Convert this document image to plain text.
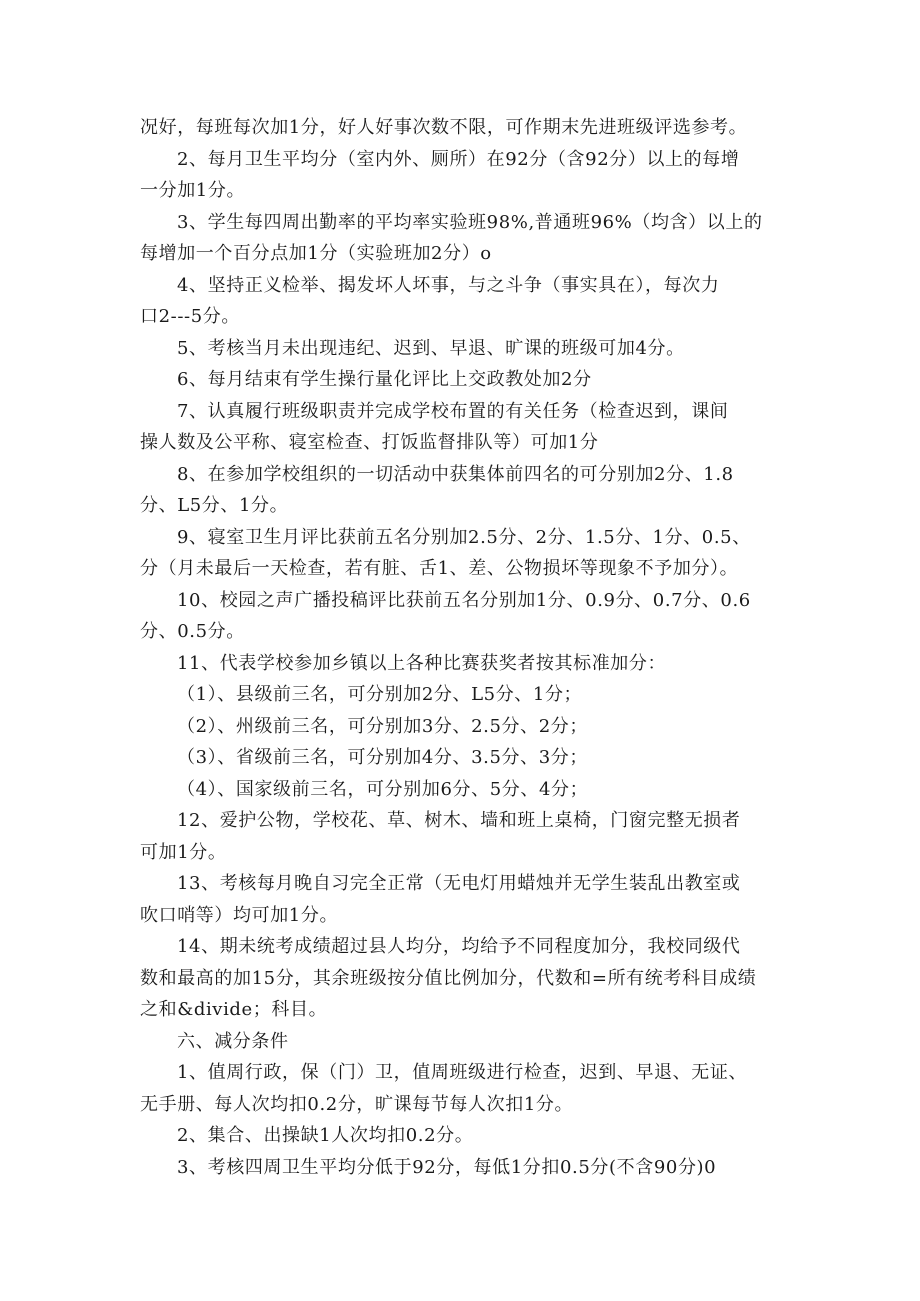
况好，每班每次加1分，好人好事次数不限，可作期末先进班级评选参考。
2、每月卫生平均分（室内外、厕所）在92分（含92分）以上的每增
一分加1分。
3、学生每四周出勤率的平均率实验班98%,普通班96%（均含）以上的
每增加一个百分点加1分（实验班加2分）o
4、坚持正义检举、揭发坏人坏事，与之斗争（事实具在），每次力
口2---5分。
5、考核当月未出现违纪、迟到、早退、旷课的班级可加4分。
6、每月结束有学生操行量化评比上交政教处加2分
7、认真履行班级职责并完成学校布置的有关任务（检查迟到，课间
操人数及公平称、寝室检查、打饭监督排队等）可加1分
8、在参加学校组织的一切活动中获集体前四名的可分别加2分、1.8
分、L5分、1分。
9、寝室卫生月评比获前五名分别加2.5分、2分、1.5分、1分、0.5、
分（月未最后一天检查，若有脏、舌1、差、公物损坏等现象不予加分）。
10、校园之声广播投稿评比获前五名分别加1分、0.9分、0.7分、0.6
分、0.5分。
11、代表学校参加乡镇以上各种比赛获奖者按其标准加分：
（1）、县级前三名，可分别加2分、L5分、1分；
（2）、州级前三名，可分别加3分、2.5分、2分；
（3）、省级前三名，可分别加4分、3.5分、3分；
（4）、国家级前三名，可分别加6分、5分、4分；
12、爱护公物，学校花、草、树木、墙和班上桌椅，门窗完整无损者
可加1分。
13、考核每月晚自习完全正常（无电灯用蜡烛并无学生装乱出教室或
吹口哨等）均可加1分。
14、期未统考成绩超过县人均分，均给予不同程度加分，我校同级代
数和最高的加15分，其余班级按分值比例加分，代数和=所有统考科目成绩
之和&divide；科目。
六、减分条件
1、值周行政，保（门）卫，值周班级进行检查，迟到、早退、无证、
无手册、每人次均扣0.2分，旷课每节每人次扣1分。
2、集合、出操缺1人次均扣0.2分。
3、考核四周卫生平均分低于92分，每低1分扣0.5分(不含90分)0
